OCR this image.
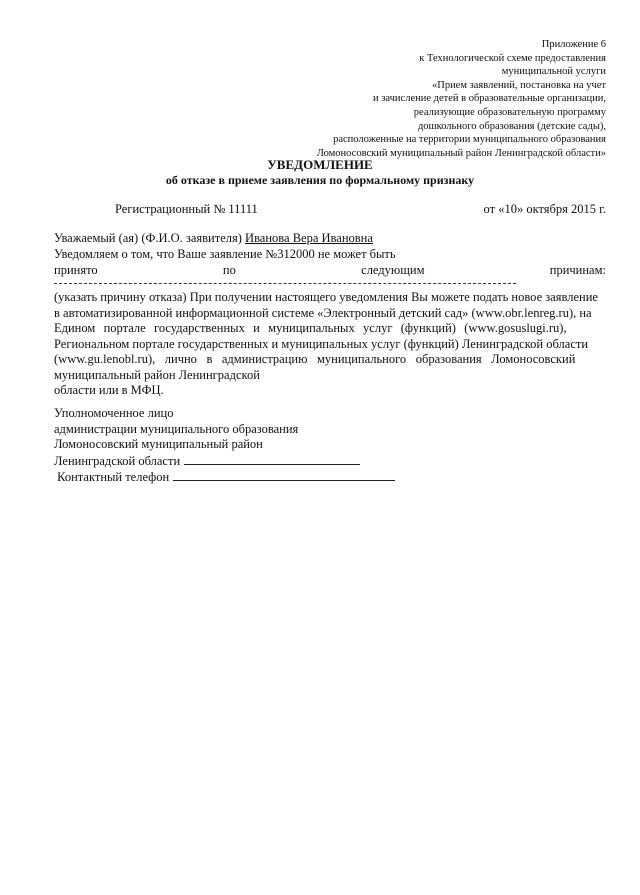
Приложение 6
к Технологической схеме предоставления
муниципальной услуги
«Прием заявлений, постановка на учет
и зачисление детей в образовательные организации,
реализующие образовательную программу
дошкольного образования (детские сады),
расположенные на территории муниципального образования
Ломоносовский муниципальный район Ленинградской области»
УВЕДОМЛЕНИЕ
об отказе в приеме заявления по формальному признаку
Регистрационный № 11111	от «10» октября 2015 г.
Уважаемый (ая) (Ф.И.О. заявителя) Иванова Вера Ивановна
Уведомляем о том, что Ваше заявление №312000 не может быть
принято	по	следующим	причинам:
(указать причину отказа) При получении настоящего уведомления Вы можете подать новое заявление
в автоматизированной информационной системе «Электронный детский сад» (www.obr.lenreg.ru), на
Едином портале государственных и муниципальных услуг (функций) (www.gosuslugi.ru),
Региональном портале государственных и муниципальных услуг (функций) Ленинградской области
(www.gu.lenobl.ru), лично в администрацию муниципального образования Ломоносовский
муниципальный район Ленинградской
области или в МФЦ.
Уполномоченное лицо
администрации муниципального образования
Ломоносовский муниципальный район
Ленинградской области
Контактный телефон
